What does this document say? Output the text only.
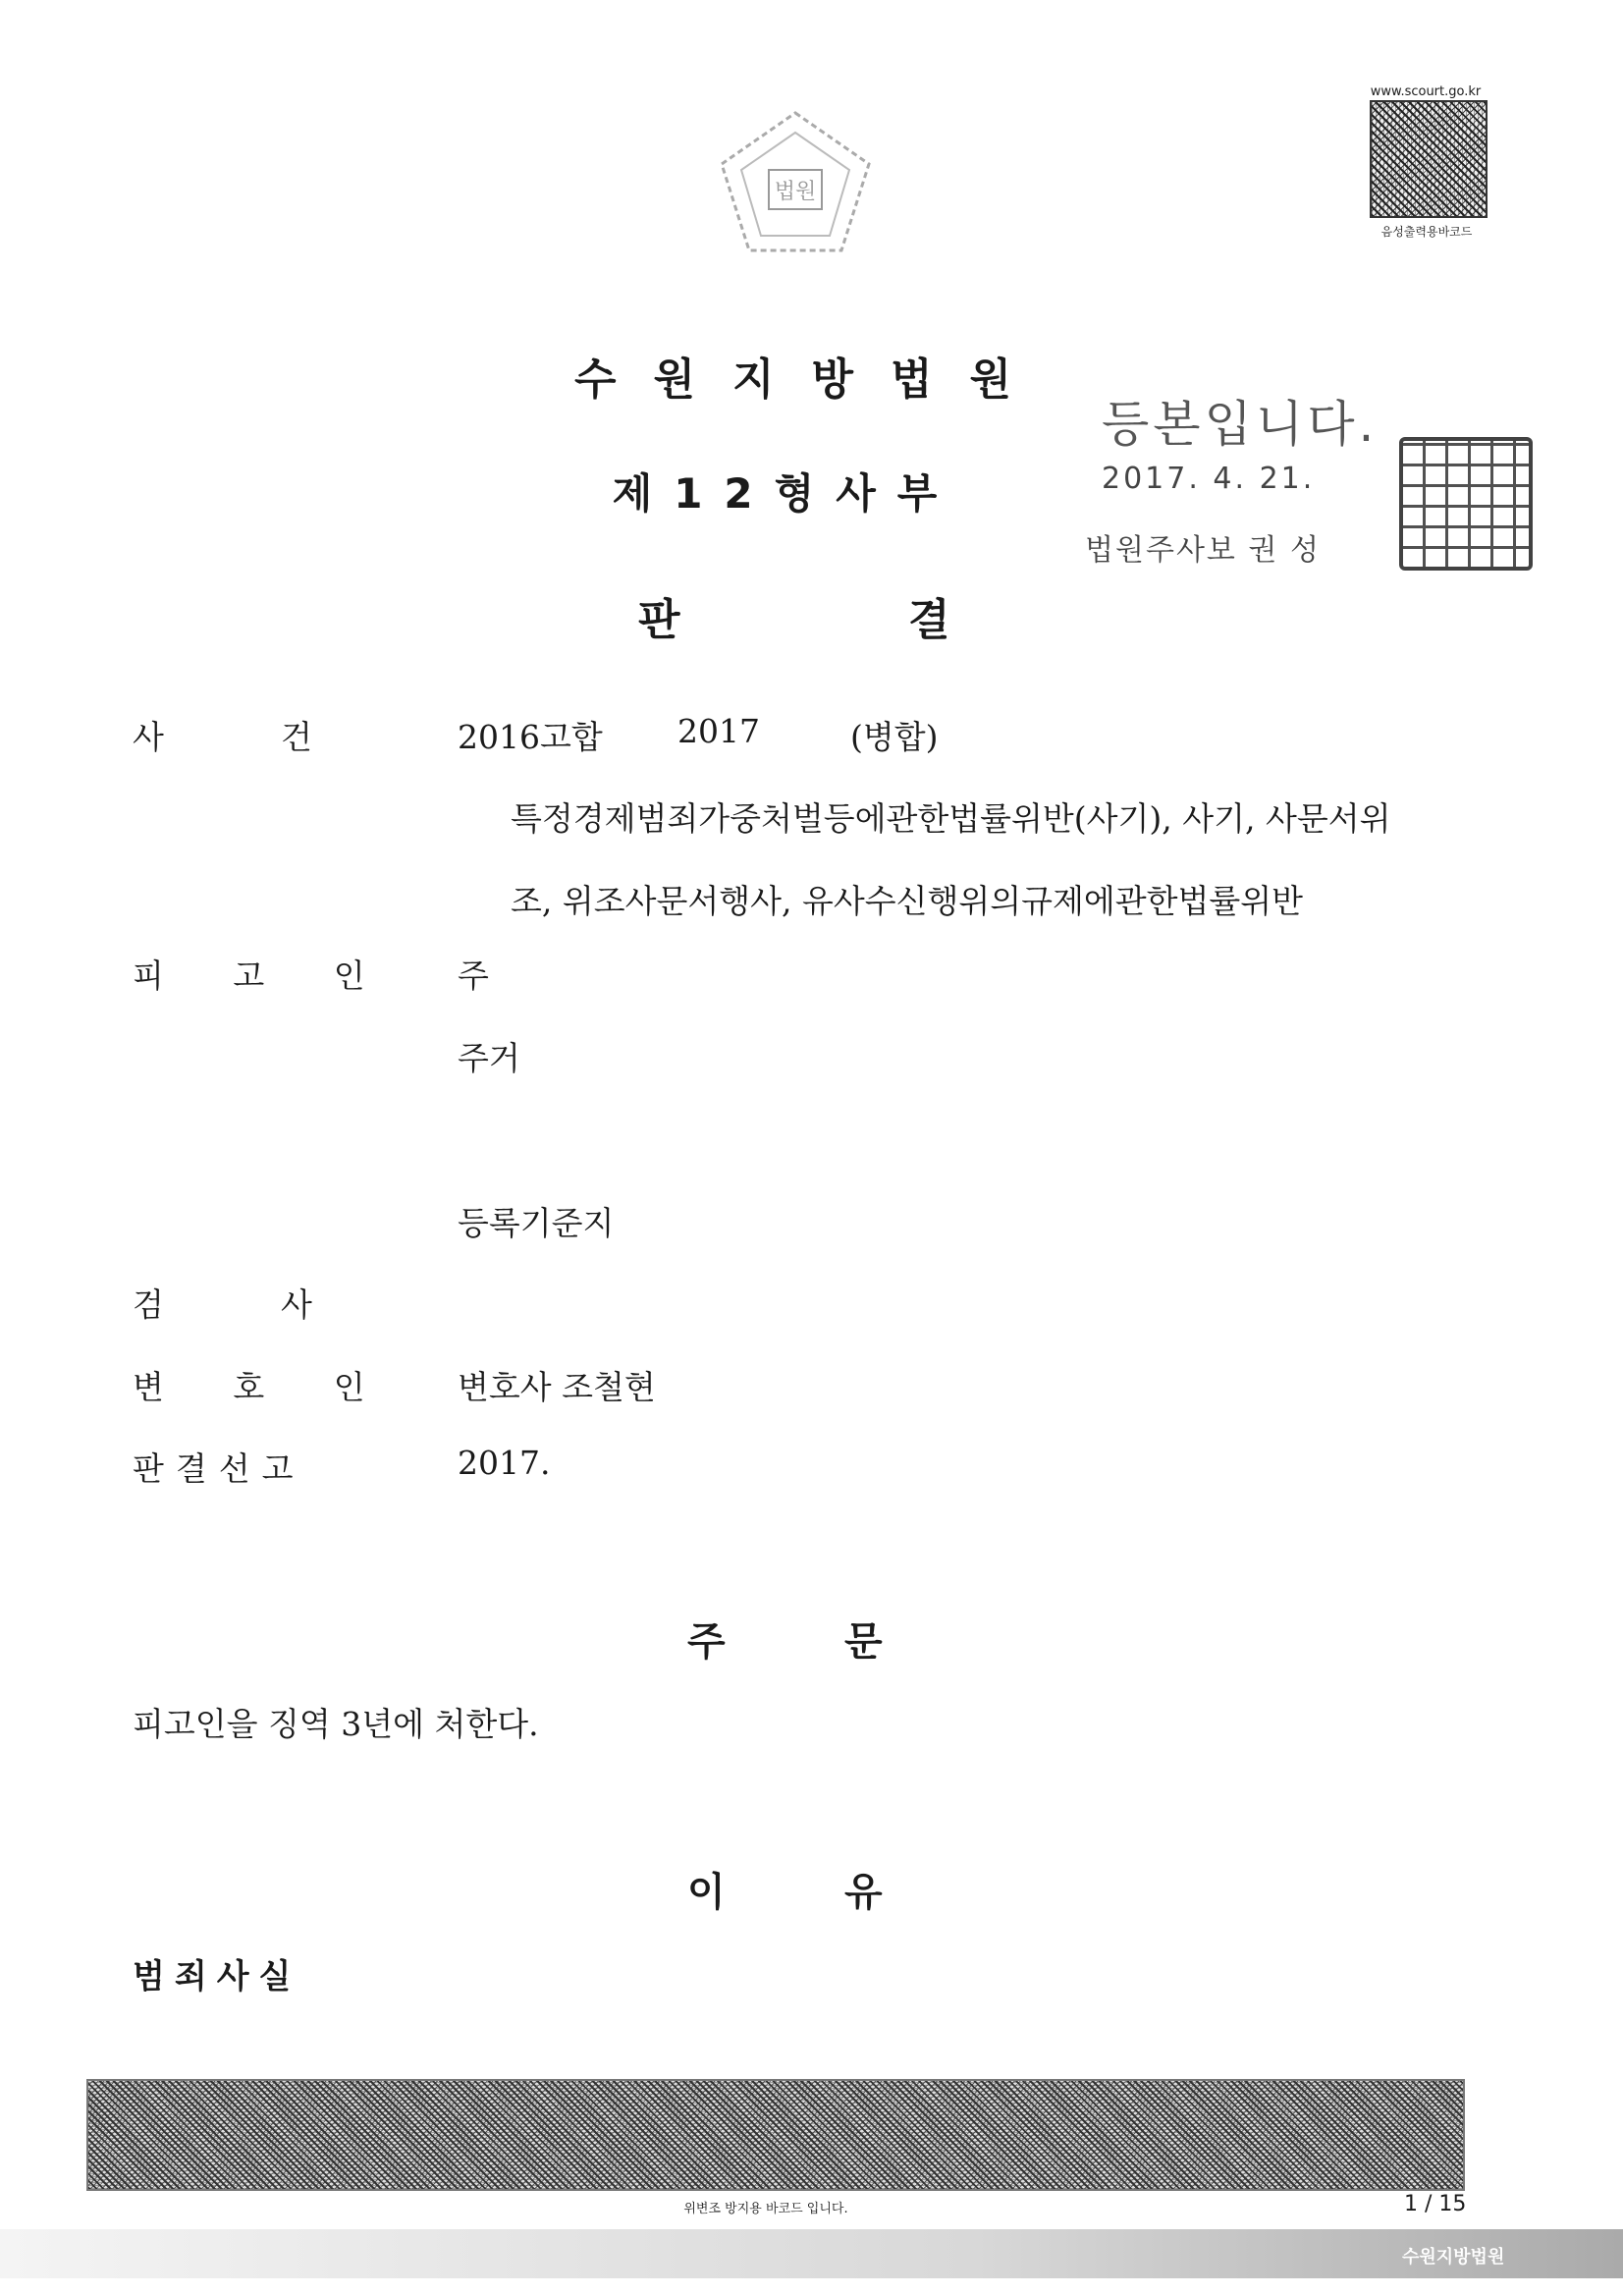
법원
www.scourt.go.kr
음성출력용바코드
수원지방법원
등본입니다.
2017. 4. 21.
법원주사보 권 성
제12형사부
판	결
사	건	2016고합 2017	(병합)
특정경제범죄가중처벌등에관한법률위반(사기), 사기, 사문서위
조, 위조사문서행사, 유사수신행위의규제에관한법률위반
피 고 인 주
주거
등록기준지
검	사
변 호 인 변호사 조철현
판결선고	2017.
주	문
피고인을 징역 3년에 처한다.
이	유
범죄사실
위변조 방지용 바코드 입니다.	1 / 15
수원지방법원
